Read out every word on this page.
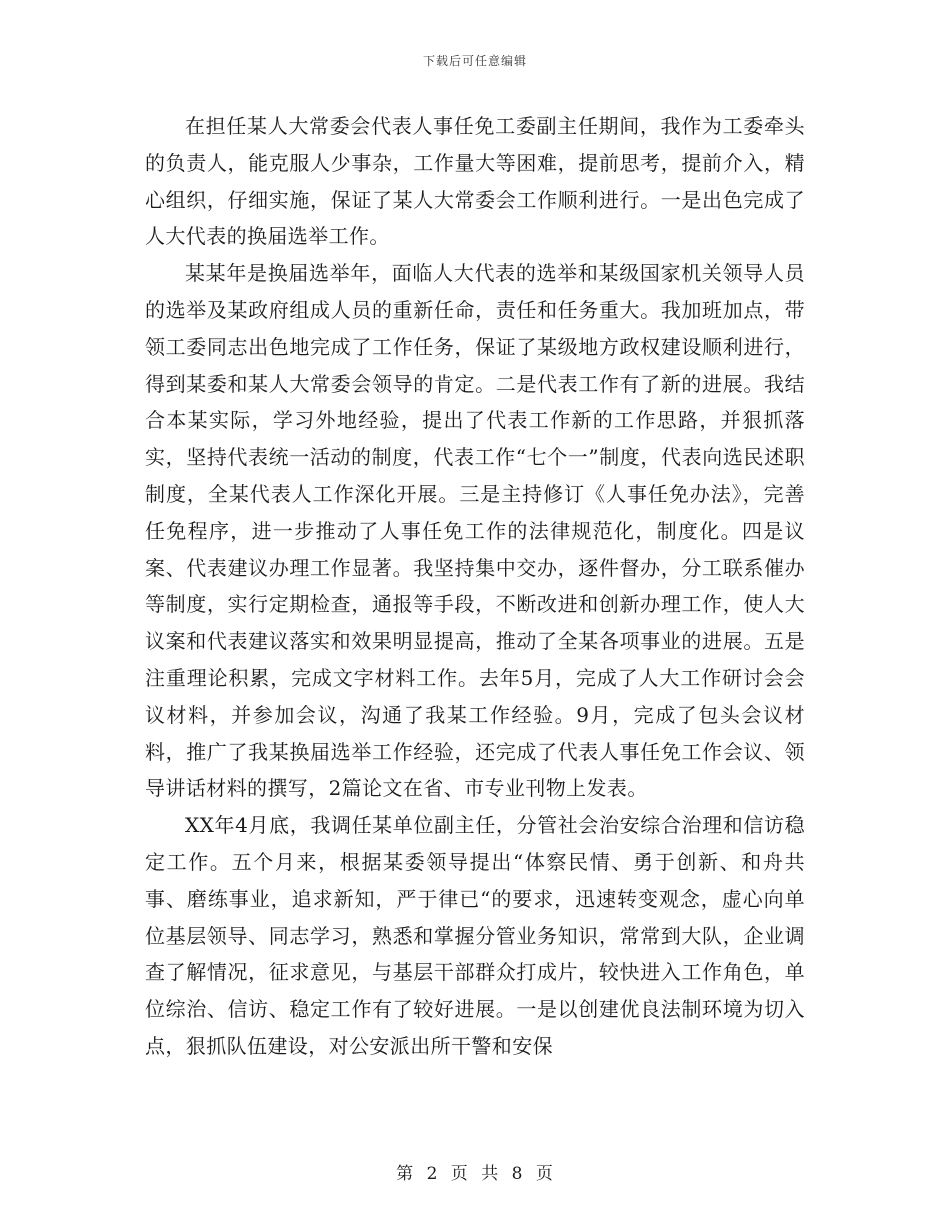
下载后可任意编辑

在担任某人大常委会代表人事任免工委副主任期间，我作为工委牵头的负责人，能克服人少事杂，工作量大等困难，提前思考，提前介入，精心组织，仔细实施，保证了某人大常委会工作顺利进行。一是出色完成了人大代表的换届选举工作。

某某年是换届选举年，面临人大代表的选举和某级国家机关领导人员的选举及某政府组成人员的重新任命，责任和任务重大。我加班加点，带领工委同志出色地完成了工作任务，保证了某级地方政权建设顺利进行，得到某委和某人大常委会领导的肯定。二是代表工作有了新的进展。我结合本某实际，学习外地经验，提出了代表工作新的工作思路，并狠抓落实，坚持代表统一活动的制度，代表工作“七个一”制度，代表向选民述职制度，全某代表人工作深化开展。三是主持修订《人事任免办法》，完善任免程序，进一步推动了人事任免工作的法律规范化，制度化。四是议案、代表建议办理工作显著。我坚持集中交办，逐件督办，分工联系催办等制度，实行定期检查，通报等手段，不断改进和创新办理工作，使人大议案和代表建议落实和效果明显提高，推动了全某各项事业的进展。五是注重理论积累，完成文字材料工作。去年5月，完成了人大工作研讨会会议材料，并参加会议，沟通了我某工作经验。9月，完成了包头会议材料，推广了我某换届选举工作经验，还完成了代表人事任免工作会议、领导讲话材料的撰写，2篇论文在省、市专业刊物上发表。

XX年4月底，我调任某单位副主任，分管社会治安综合治理和信访稳定工作。五个月来，根据某委领导提出“体察民情、勇于创新、和舟共事、磨练事业，追求新知，严于律已“的要求，迅速转变观念，虚心向单位基层领导、同志学习，熟悉和掌握分管业务知识，常常到大队，企业调查了解情况，征求意见，与基层干部群众打成片，较快进入工作角色，单位综治、信访、稳定工作有了较好进展。一是以创建优良法制环境为切入点，狠抓队伍建设，对公安派出所干警和安保

第 2 页 共 8 页
